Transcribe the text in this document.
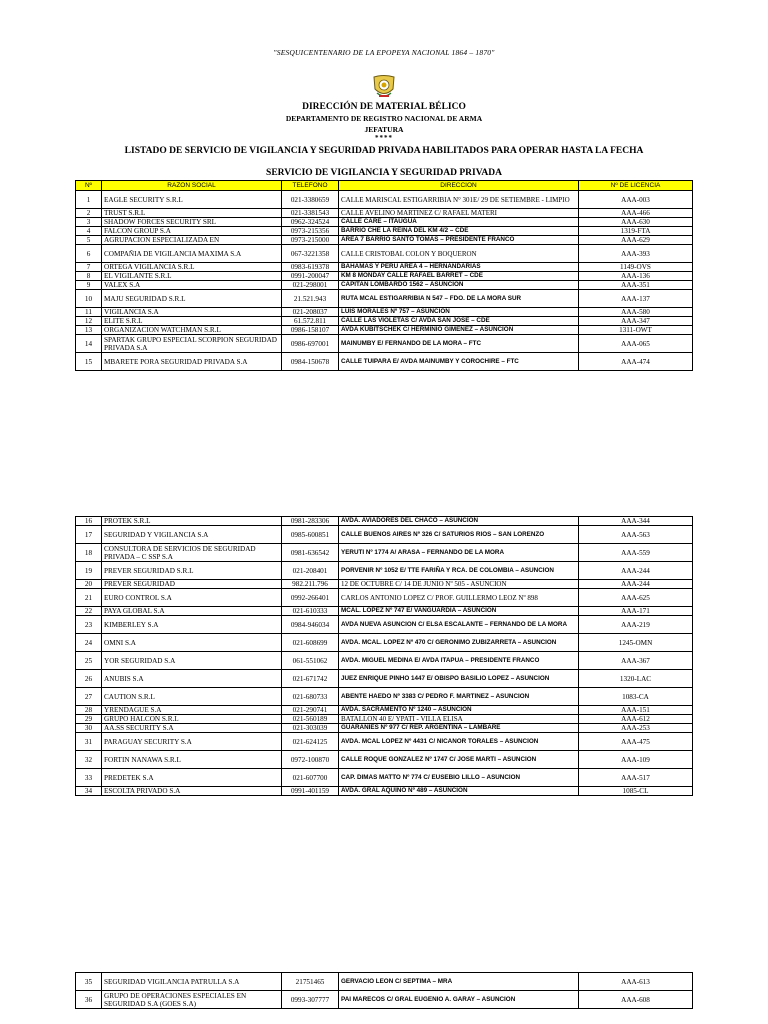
"SESQUICENTENARIO DE LA EPOPEYA NACIONAL 1864 – 1870"
DIRECCIÓN DE MATERIAL BÉLICO
DEPARTAMENTO DE REGISTRO NACIONAL DE ARMA
JEFATURA
****
LISTADO DE SERVICIO DE VIGILANCIA Y SEGURIDAD PRIVADA HABILITADOS PARA OPERAR HASTA LA FECHA
SERVICIO DE VIGILANCIA Y SEGURIDAD PRIVADA
Nº	RAZON SOCIAL	TELEFONO	DIRECCION	Nº DE LICENCIA
1	EAGLE SECURITY S.R.L	021-3380659	CALLE MARISCAL ESTIGARRIBIA N° 301E/ 29 DE SETIEMBRE - LIMPIO	AAA-003
2	TRUST S.R.L	021-3381543	CALLE AVELINO MARTINEZ C/ RAFAEL MATERI	AAA-466
3	SHADOW FORCES SECURITY SRL	0962-324524	CALLE CARE – ITAUGUA	AAA-630
4	FALCON GROUP S.A	0973-215356	BARRIO CHE LA REINA DEL KM 4/2 – CDE	1319-FTA
5	AGRUPACION ESPECIALIZADA EN	0973-215000	AREA 7 BARRIO SANTO TOMAS – PRESIDENTE FRANCO	AAA-629
6	COMPAÑIA DE VIGILANCIA MAXIMA S.A	067-3221358	CALLE CRISTOBAL COLON Y BOQUERON	AAA-393
7	ORTEGA VIGILANCIA S.R.L	0983-619378	BAHAMAS Y PERU AREA 4 – HERNANDARIAS	1149-OVS
8	EL VIGILANTE S.R.L	0991-200047	KM 8 MONDAY CALLE RAFAEL BARRET – CDE	AAA-136
9	VALEX S.A	021-298001	CAPITAN LOMBARDO 1562 – ASUNCION	AAA-351
10	MAJU SEGURIDAD S.R.L	21.521.943	RUTA MCAL ESTIGARRIBIA N 547 – FDO. DE LA MORA SUR	AAA-137
11	VIGILANCIA S.A	021-208037	LUIS MORALES Nº 757 – ASUNCION	AAA-580
12	ELITE S.R.L	61.572.811	CALLE LAS VIOLETAS C/ AVDA SAN JOSE – CDE	AAA-347
13	ORGANIZACION WATCHMAN S.R.L	0986-158107	AVDA KUBITSCHEK C/ HERMINIO GIMENEZ – ASUNCION	1311-OWT
14	SPARTAK GRUPO ESPECIAL SCORPION SEGURIDAD PRIVADA S.A	0986-697001	MAINUMBY E/ FERNANDO DE LA MORA – FTC	AAA-065
15	MBARETE PORA SEGURIDAD PRIVADA S.A	0984-150678	CALLE TUIPARA E/ AVDA MAINUMBY Y COROCHIRE – FTC	AAA-474
16	PROTEK S.R.L	0981-283306	AVDA. AVIADORES DEL CHACO – ASUNCION	AAA-344
17	SEGURIDAD Y VIGILANCIA S.A	0985-600851	CALLE BUENOS AIRES Nº 326 C/ SATURIOS RIOS – SAN LORENZO	AAA-563
18	CONSULTORA DE SERVICIOS DE SEGURIDAD PRIVADA – C SSP S.A	0981-636542	YERUTI Nº 1774 A/ ARASA – FERNANDO DE LA MORA	AAA-559
19	PREVER SEGURIDAD S.R.L	021-208401	PORVENIR Nº 1052 E/ TTE FARIÑA Y RCA. DE COLOMBIA – ASUNCION	AAA-244
20	PREVER SEGURIDAD	982.211.796	12 DE OCTUBRE C/ 14 DE JUNIO Nº 505 - ASUNCION	AAA-244
21	EURO CONTROL S.A	0992-266401	CARLOS ANTONIO LOPEZ C/ PROF. GUILLERMO LEOZ Nº 898	AAA-625
22	PAYA GLOBAL S.A	021-610333	MCAL. LOPEZ Nº 747 E/ VANGUARDIA – ASUNCION	AAA-171
23	KIMBERLEY S.A	0984-946034	AVDA NUEVA ASUNCION C/ ELSA ESCALANTE – FERNANDO DE LA MORA	AAA-219
24	OMNI S.A	021-608699	AVDA. MCAL. LOPEZ Nº 470 C/ GERONIMO ZUBIZARRETA – ASUNCION	1245-OMN
25	YOR SEGURIDAD S.A	061-551062	AVDA. MIGUEL MEDINA E/ AVDA ITAPUA – PRESIDENTE FRANCO	AAA-367
26	ANUBIS S.A	021-671742	JUEZ ENRIQUE PINHO 1447 E/ OBISPO BASILIO LOPEZ – ASUNCION	1320-LAC
27	CAUTION S.R.L	021-680733	ABENTE HAEDO Nº 3383 C/ PEDRO F. MARTINEZ – ASUNCION	1083-CA
28	YRENDAGUE S.A	021-290741	AVDA. SACRAMENTO Nº 1240 – ASUNCION	AAA-151
29	GRUPO HALCON S.R.L	021-560189	BATALLON 40 E/ YPATI - VILLA ELISA	AAA-612
30	AA.SS SECURITY S.A	021-303039	GUARANIES Nº 977 C/ REP. ARGENTINA – LAMBARE	AAA-253
31	PARAGUAY SECURITY S.A	021-624125	AVDA. MCAL LOPEZ Nº 4431 C/ NICANOR TORALES – ASUNCION	AAA-475
32	FORTIN NANAWA S.R.L	0972-100870	CALLE ROQUE GONZALEZ Nº 1747 C/ JOSE MARTI – ASUNCION	AAA-109
33	PREDETEK S.A	021-607700	CAP. DIMAS MATTO Nº 774 C/ EUSEBIO LILLO – ASUNCION	AAA-517
34	ESCOLTA PRIVADO S.A	0991-401159	AVDA. GRAL AQUINO Nº 489 – ASUNCION	1085-CL
35	SEGURIDAD VIGILANCIA PATRULLA S.A	21751465	GERVACIO LEON C/ SEPTIMA – MRA	AAA-613
36	GRUPO DE OPERACIONES ESPECIALES EN SEGURIDAD S.A (GOES S.A)	0993-307777	PAI MARECOS C/ GRAL EUGENIO A. GARAY – ASUNCION	AAA-608
